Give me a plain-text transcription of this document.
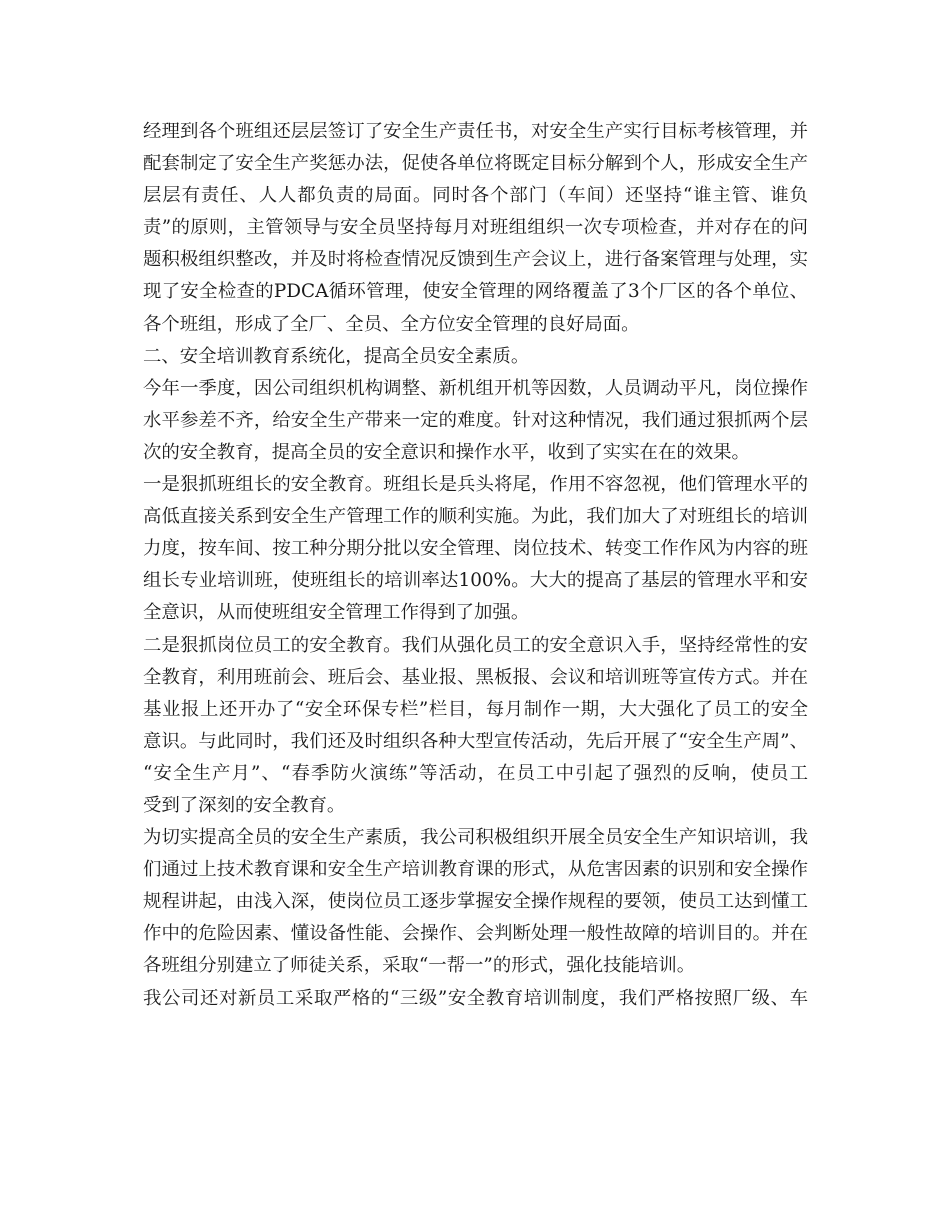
经理到各个班组还层层签订了安全生产责任书，对安全生产实行目标考核管理，并
配套制定了安全生产奖惩办法，促使各单位将既定目标分解到个人，形成安全生产
层层有责任、人人都负责的局面。同时各个部门（车间）还坚持“谁主管、谁负
责”的原则，主管领导与安全员坚持每月对班组组织一次专项检查，并对存在的问
题积极组织整改，并及时将检查情况反馈到生产会议上，进行备案管理与处理，实
现了安全检查的PDCA循环管理，使安全管理的网络覆盖了3个厂区的各个单位、
各个班组，形成了全厂、全员、全方位安全管理的良好局面。
二、安全培训教育系统化，提高全员安全素质。
今年一季度，因公司组织机构调整、新机组开机等因数，人员调动平凡，岗位操作
水平参差不齐，给安全生产带来一定的难度。针对这种情况，我们通过狠抓两个层
次的安全教育，提高全员的安全意识和操作水平，收到了实实在在的效果。
一是狠抓班组长的安全教育。班组长是兵头将尾，作用不容忽视，他们管理水平的
高低直接关系到安全生产管理工作的顺利实施。为此，我们加大了对班组长的培训
力度，按车间、按工种分期分批以安全管理、岗位技术、转变工作作风为内容的班
组长专业培训班，使班组长的培训率达100%。大大的提高了基层的管理水平和安
全意识，从而使班组安全管理工作得到了加强。
二是狠抓岗位员工的安全教育。我们从强化员工的安全意识入手，坚持经常性的安
全教育，利用班前会、班后会、基业报、黑板报、会议和培训班等宣传方式。并在
基业报上还开办了“安全环保专栏”栏目，每月制作一期，大大强化了员工的安全
意识。与此同时，我们还及时组织各种大型宣传活动，先后开展了“安全生产周”、
“安全生产月”、“春季防火演练”等活动，在员工中引起了强烈的反响，使员工
受到了深刻的安全教育。
为切实提高全员的安全生产素质，我公司积极组织开展全员安全生产知识培训，我
们通过上技术教育课和安全生产培训教育课的形式，从危害因素的识别和安全操作
规程讲起，由浅入深，使岗位员工逐步掌握安全操作规程的要领，使员工达到懂工
作中的危险因素、懂设备性能、会操作、会判断处理一般性故障的培训目的。并在
各班组分别建立了师徒关系，采取“一帮一”的形式，强化技能培训。
我公司还对新员工采取严格的“三级”安全教育培训制度，我们严格按照厂级、车
